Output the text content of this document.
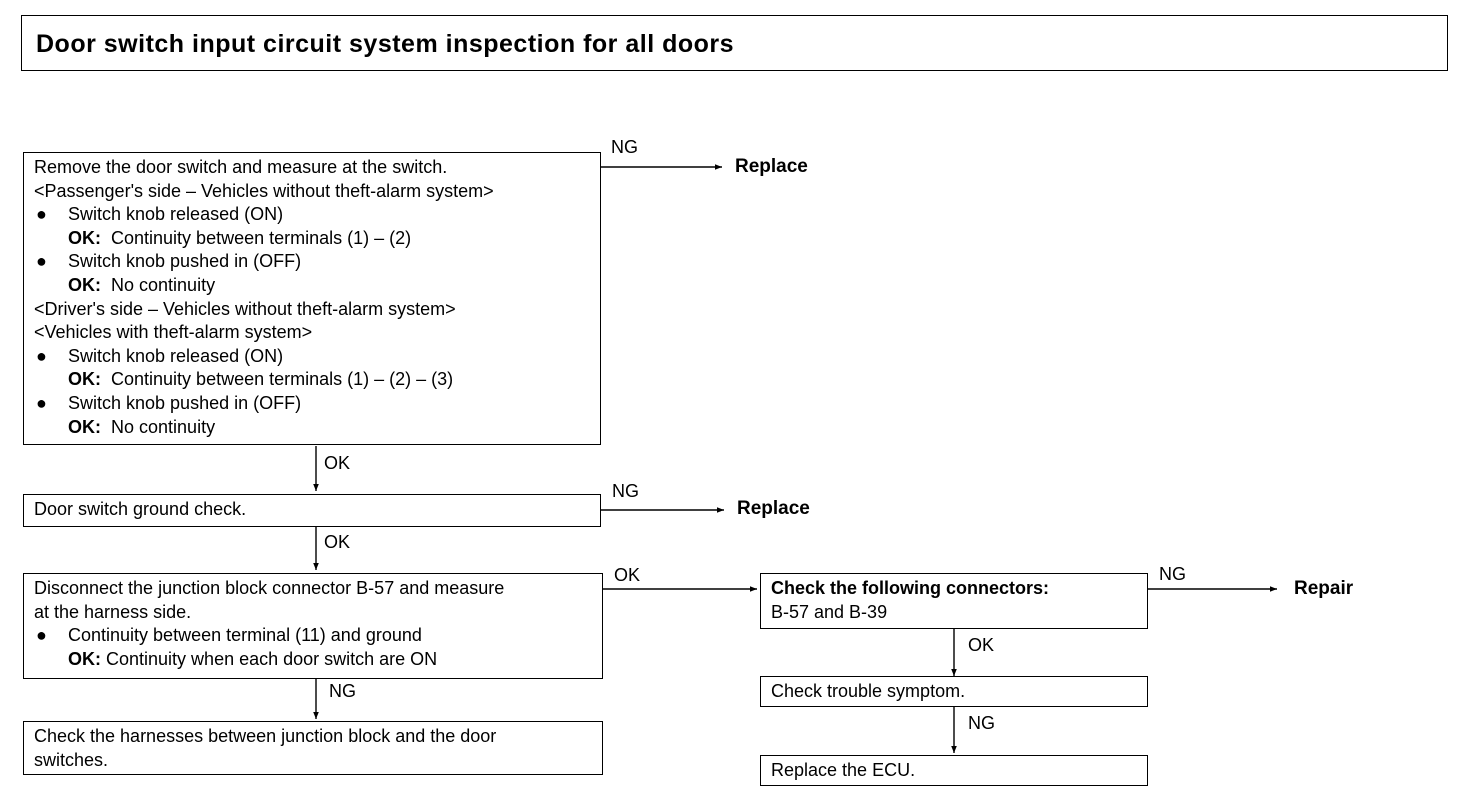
Door switch input circuit system inspection for all doors
Remove the door switch and measure at the switch.
<Passenger's side – Vehicles without theft-alarm system>
● Switch knob released (ON)
OK: Continuity between terminals (1) – (2)
● Switch knob pushed in (OFF)
OK: No continuity
<Driver's side – Vehicles without theft-alarm system>
<Vehicles with theft-alarm system>
● Switch knob released (ON)
OK: Continuity between terminals (1) – (2) – (3)
● Switch knob pushed in (OFF)
OK: No continuity
Door switch ground check.
Disconnect the junction block connector B-57 and measure
at the harness side.
● Continuity between terminal (11) and ground
OK: Continuity when each door switch are ON
Check the harnesses between junction block and the door
switches.
Check the following connectors:
B-57 and B-39
Check trouble symptom.
Replace the ECU.
NG
OK
NG
OK
OK
NG
NG
OK
NG
Replace
Replace
Repair
